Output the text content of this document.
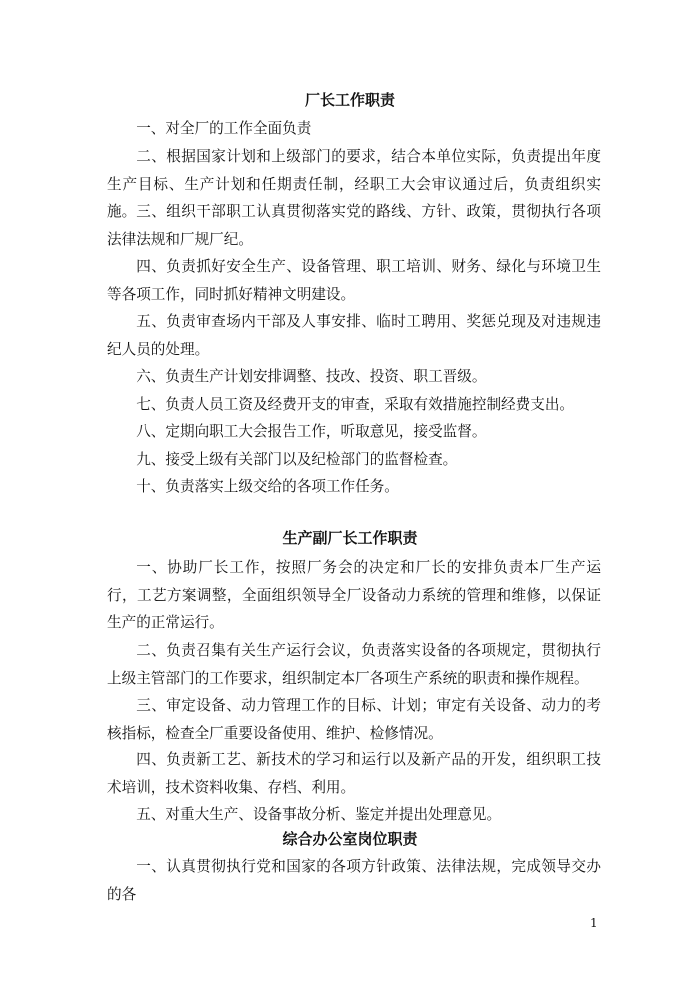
厂长工作职责

一、对全厂的工作全面负责

二、根据国家计划和上级部门的要求，结合本单位实际，负责提出年度生产目标、生产计划和任期责任制，经职工大会审议通过后，负责组织实施。 三、组织干部职工认真贯彻落实党的路线、方针、政策，贯彻执行各项法律法规和厂规厂纪。

四、负责抓好安全生产、设备管理、职工培训、财务、绿化与环境卫生等各项工作，同时抓好精神文明建设。

五、负责审查场内干部及人事安排、临时工聘用、奖惩兑现及对违规违纪人员的处理。

六、负责生产计划安排调整、技改、投资、职工晋级。

七、负责人员工资及经费开支的审查，采取有效措施控制经费支出。

八、定期向职工大会报告工作，听取意见，接受监督。

九、接受上级有关部门以及纪检部门的监督检查。

十、负责落实上级交给的各项工作任务。

生产副厂长工作职责

一、协助厂长工作，按照厂务会的决定和厂长的安排负责本厂生产运行，工艺方案调整，全面组织领导全厂设备动力系统的管理和维修，以保证生产的正常运行。

二、负责召集有关生产运行会议，负责落实设备的各项规定，贯彻执行上级主管部门的工作要求，组织制定本厂各项生产系统的职责和操作规程。

三、审定设备、动力管理工作的目标、计划；审定有关设备、动力的考核指标，检查全厂重要设备使用、维护、检修情况。

四、负责新工艺、新技术的学习和运行以及新产品的开发，组织职工技术培训，技术资料收集、存档、利用。

五、对重大生产、设备事故分析、鉴定并提出处理意见。

综合办公室岗位职责

一、认真贯彻执行党和国家的各项方针政策、法律法规，完成领导交办的各

1
